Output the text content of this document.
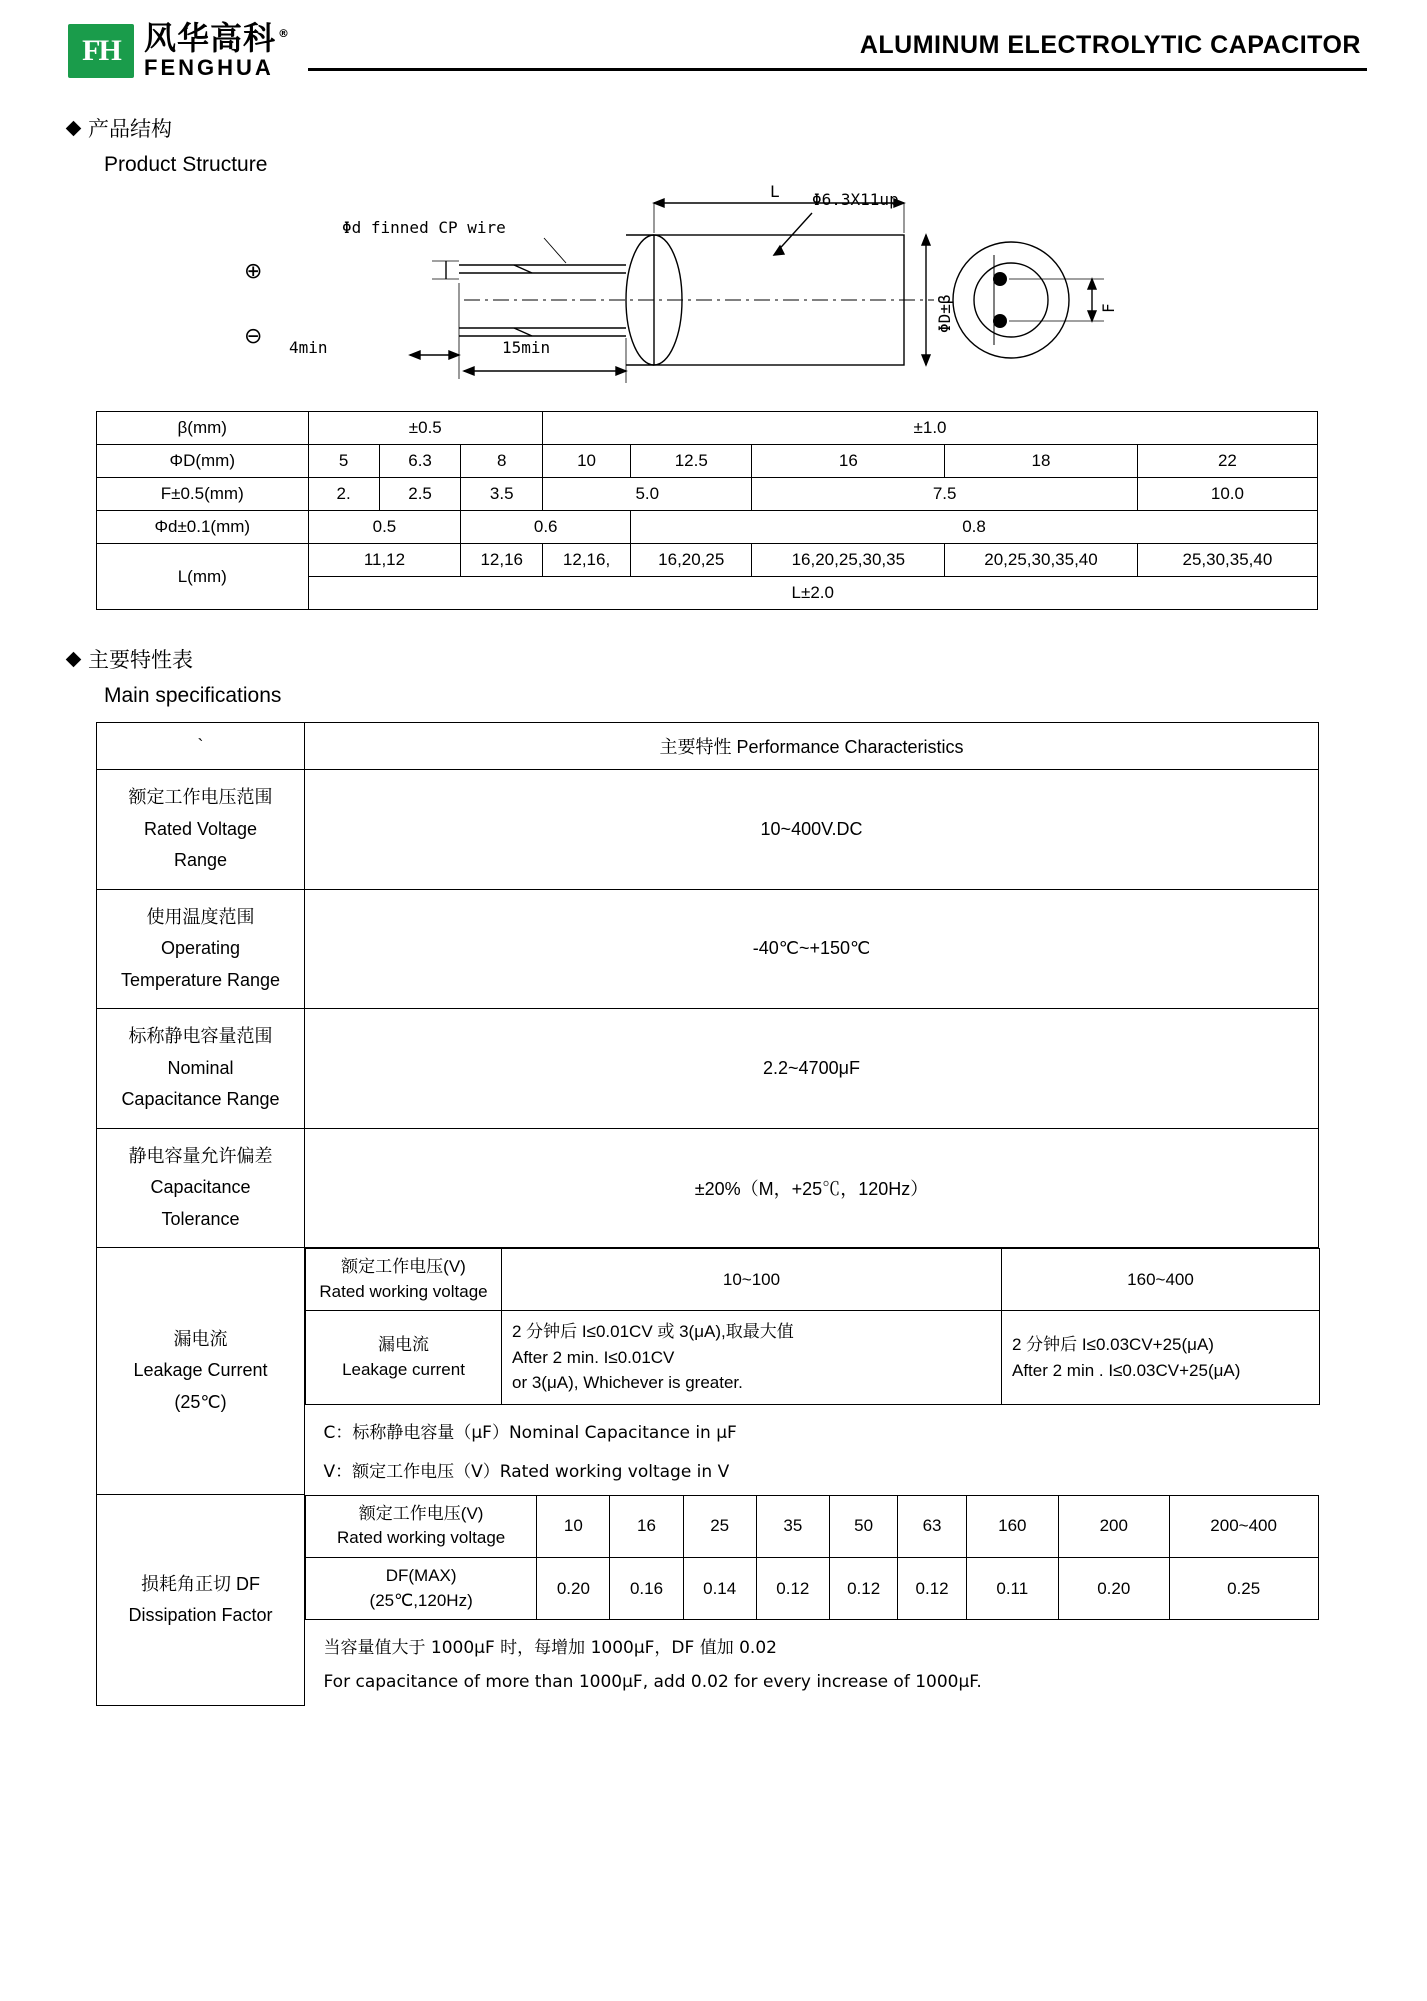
FH 风华高科 ®
FENGHUA
ALUMINUM ELECTROLYTIC CAPACITOR
产品结构
Product Structure
L
Φd finned CP wire
Φ6.3X11up
4min	15min
ΦD±β	F
⊕
⊖
β(mm)	±0.5			±1.0				
ΦD(mm)	5	6.3	8	10	12.5	16	18	22
F±0.5(mm)	2.	2.5	3.5	5.0		7.5		10.0
Φd±0.1(mm)	0.5		0.6		0.8			
L(mm)	11,12		12,16	12,16,	16,20,25	16,20,25,30,35	20,25,30,35,40	25,30,35,40
	L±2.0							
主要特性表
Main specifications
`	主要特性 Performance Characteristics

额定工作电压范围
Rated Voltage
Range
	10~400V.DC

使用温度范围
Operating
Temperature Range
	-40℃~+150℃

标称静电容量范围
Nominal
Capacitance Range
	2.2~4700μF

静电容量允许偏差
Capacitance
Tolerance
	±20%（M，+25℃，120Hz）

漏电流
Leakage Current
(25℃)

额定工作电压(V)
Rated working voltage
	10~100	160~400

漏电流
Leakage current
	2 分钟后 I≤0.01CV 或 3(μA),取最大值
After 2 min. I≤0.01CV
or 3(μA), Whichever is greater.	2 分钟后 I≤0.03CV+25(μA)
After 2 min . I≤0.03CV+25(μA)

C：标称静电容量（μF）Nominal Capacitance in μF
V：额定工作电压（V）Rated working voltage in V

损耗角正切 DF
Dissipation Factor

额定工作电压(V)
Rated working voltage
	10	16	25	35	50	63	160	200	200~400

DF(MAX)
(25℃,120Hz)
	0.20	0.16	0.14	0.12	0.12	0.12	0.11	0.20	0.25

当容量值大于 1000μF 时，每增加 1000μF，DF 值加 0.02
For capacitance of more than 1000μF, add 0.02 for every increase of 1000μF.
